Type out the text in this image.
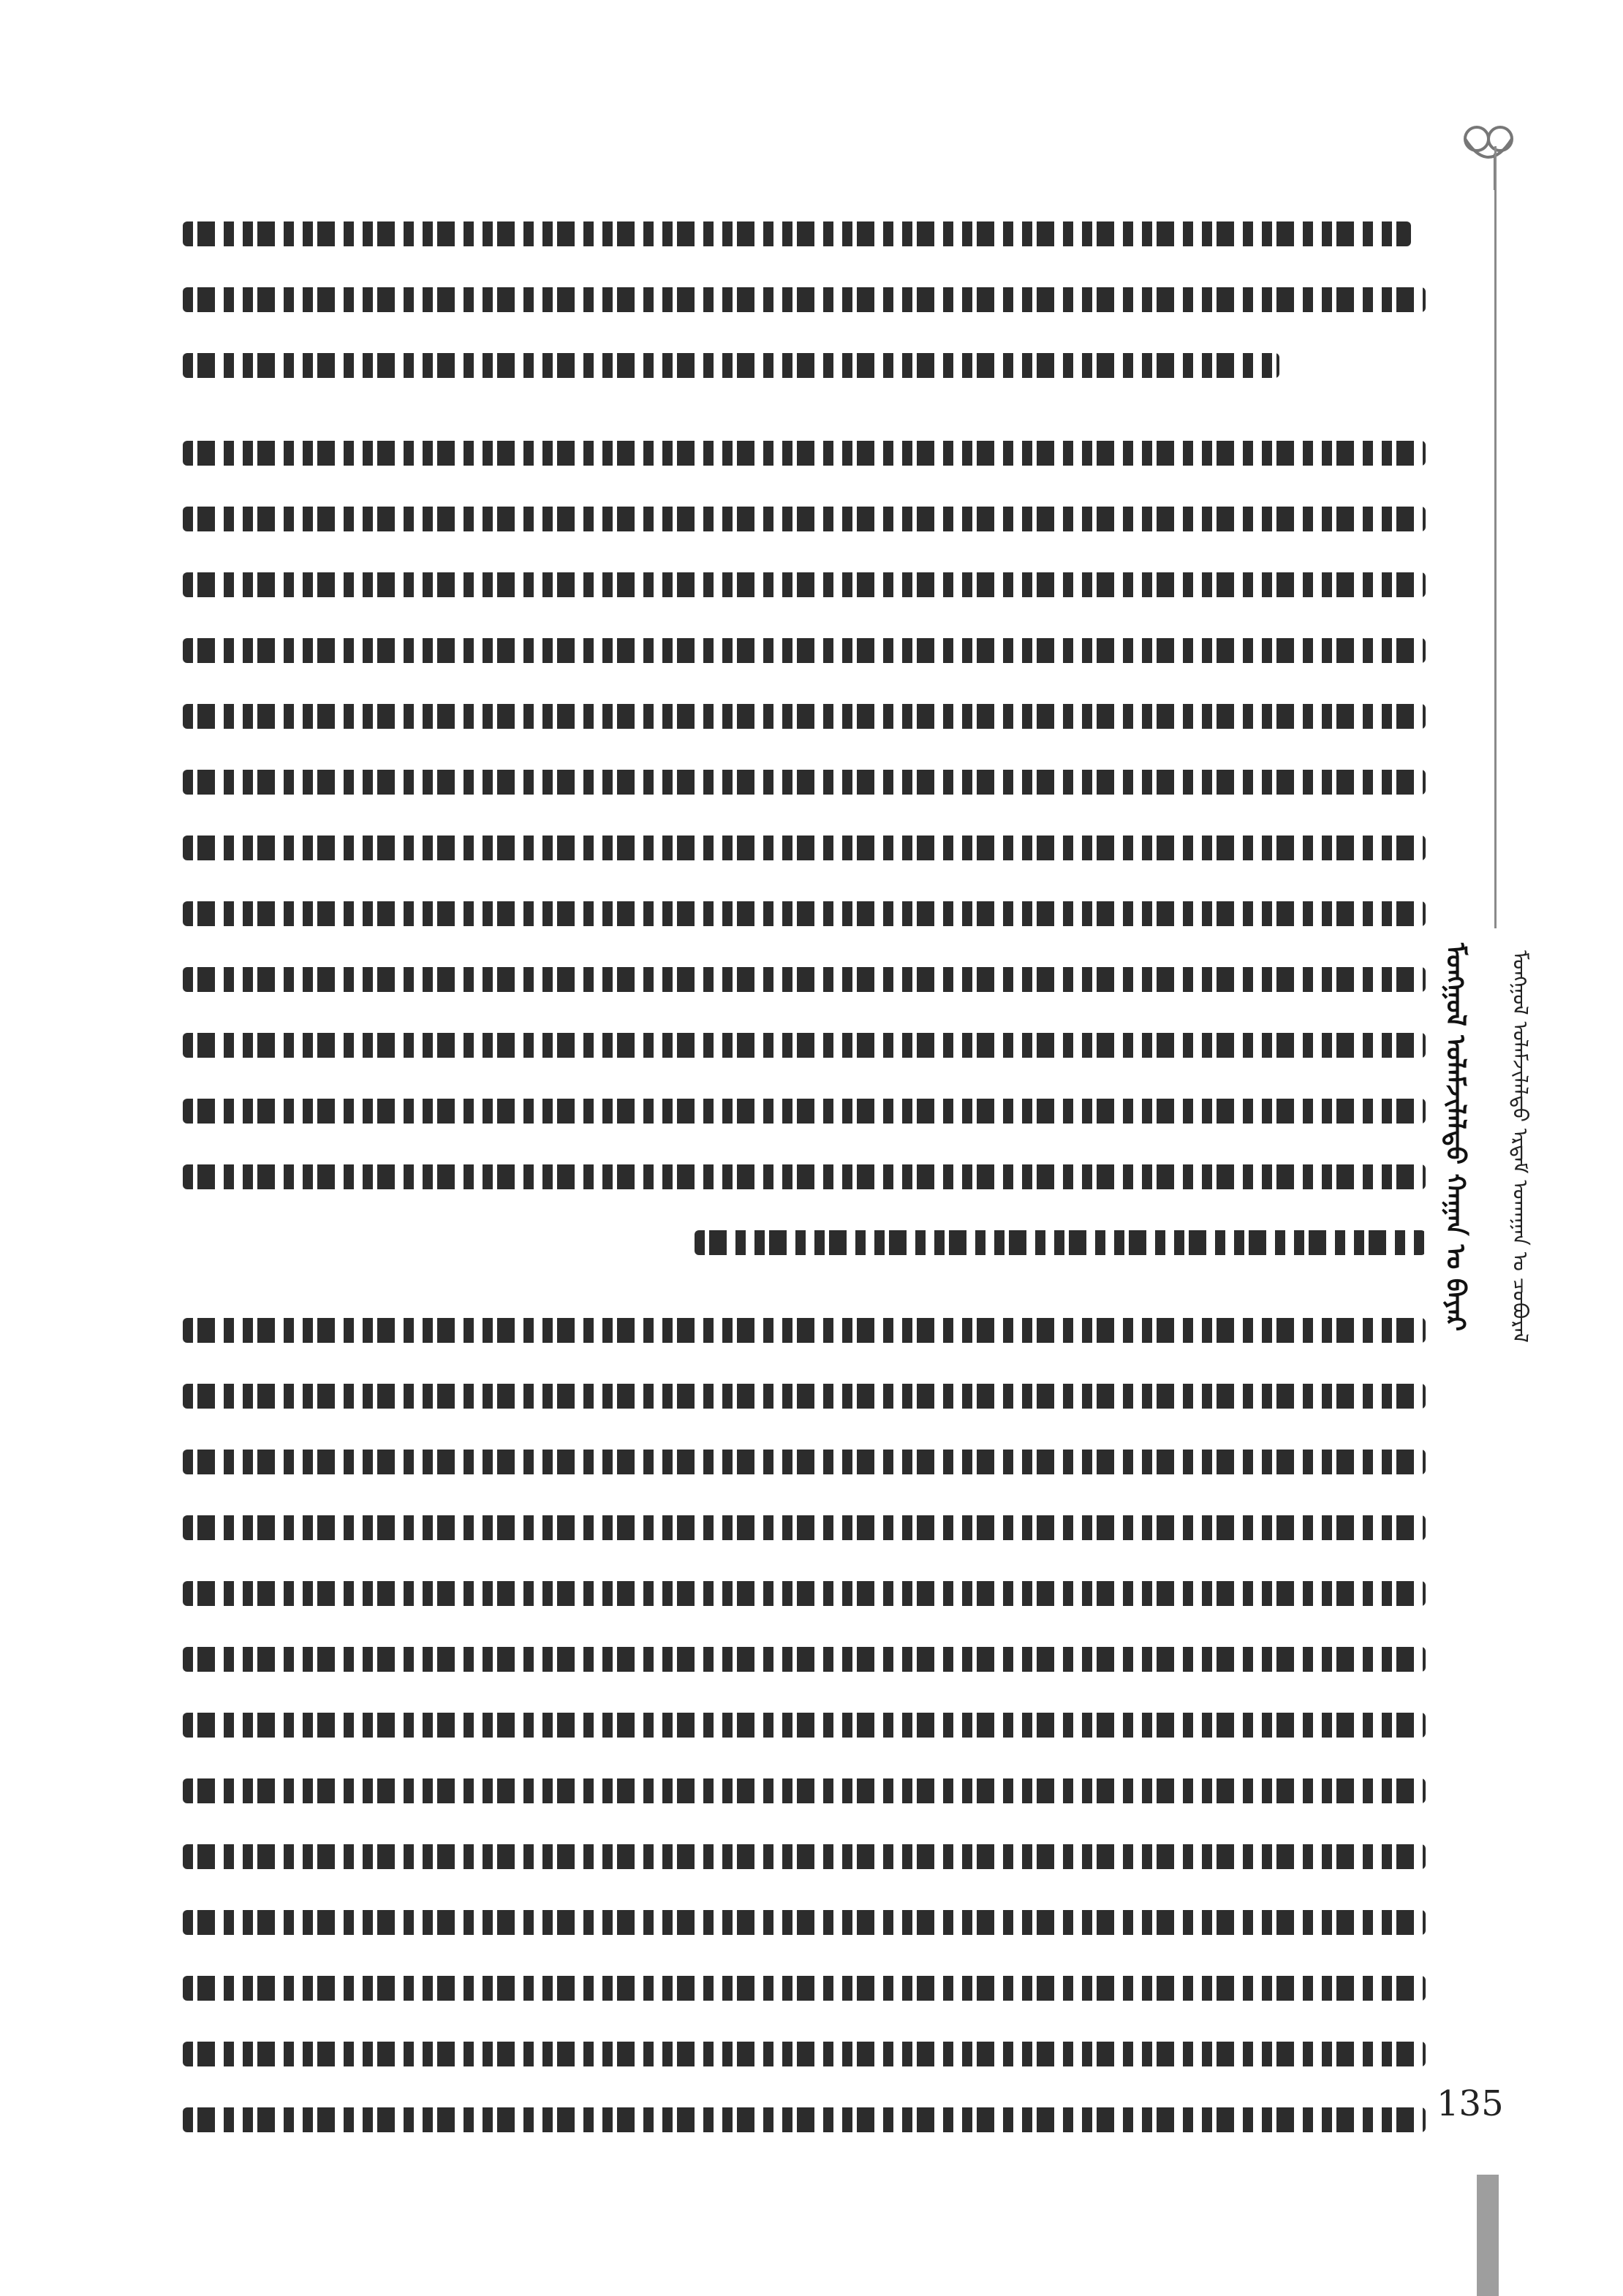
ᠮᠣᠩᠭᠣᠯ ᠤᠯᠠᠮᠵᠢᠯᠠᠯᠲᠤ ᠬᠠᠭᠠᠨ ᠤ ᠪᠠᠶᠠᠷ	ᠮᠣᠩᠭᠣᠯ ᠤᠯᠠᠮᠵᠢᠯᠠᠯᠲᠤ ᠡᠷᠳᠡᠮ ᠤᠬᠠᠭᠠᠨ ᠤ ᠴᠤᠪᠤᠷᠠᠯ
135
